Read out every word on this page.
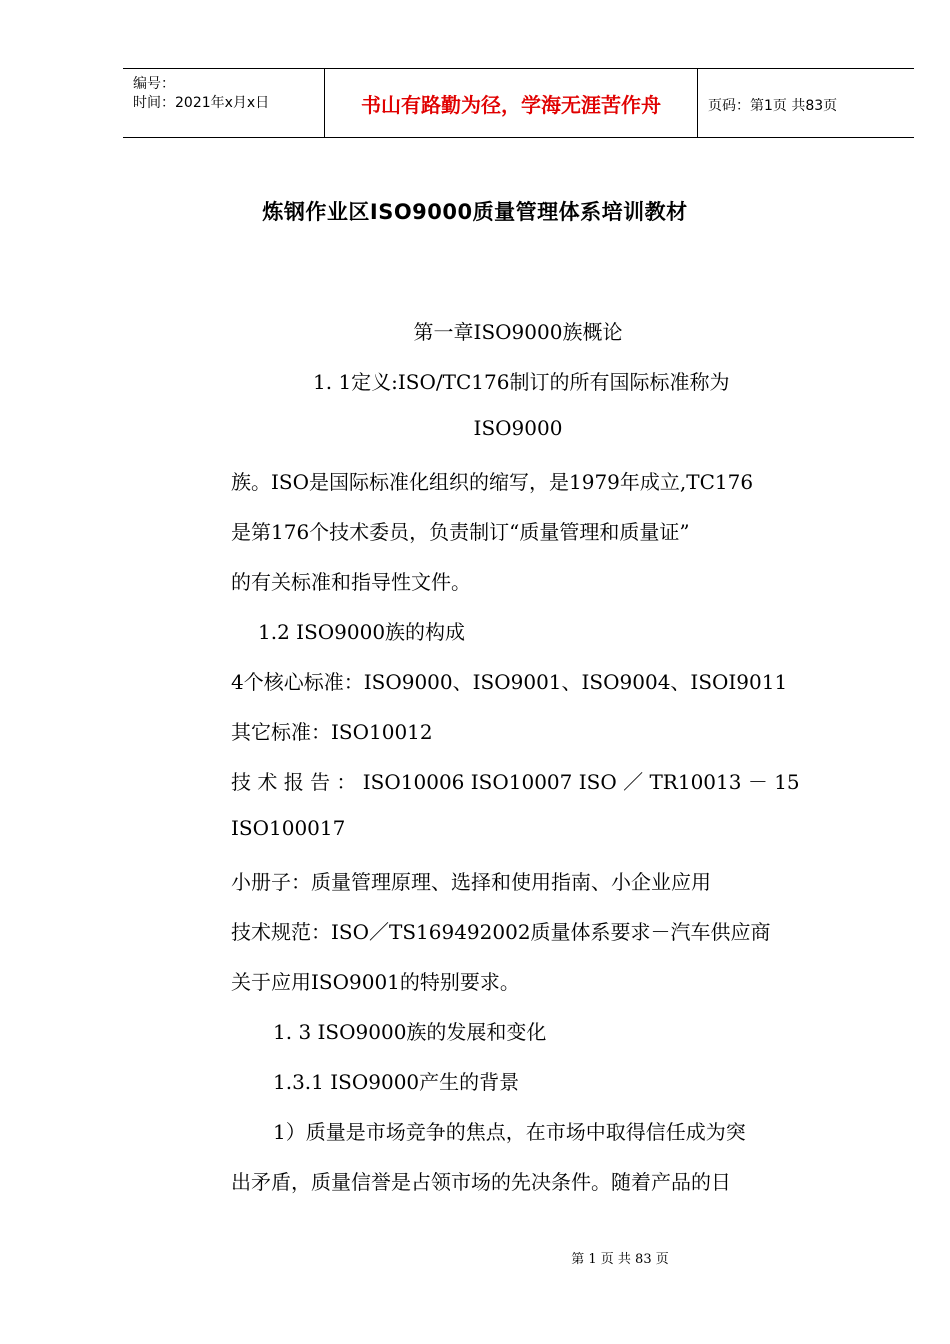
编号：
时间：2021年x月x日	书山有路勤为径，学海无涯苦作舟	页码：第1页 共83页
炼钢作业区ISO9000质量管理体系培训教材
第一章ISO9000族概论
1. 1定义:ISO/TC176制订的所有国际标准称为
ISO9000
族。ISO是国际标准化组织的缩写，是1979年成立,TC176
是第176个技术委员，负责制订“质量管理和质量证”
的有关标准和指导性文件。
1.2 ISO9000族的构成
4个核心标准：ISO9000、ISO9001、ISO9004、ISOI9011
其它标准：ISO10012
技 术 报 告 ： ISO10006 ISO10007 ISO ／ TR10013 － 15
ISO100017
小册子：质量管理原理、选择和使用指南、小企业应用
技术规范：ISO／TS169492002质量体系要求－汽车供应商
关于应用ISO9001的特别要求。
1. 3 ISO9000族的发展和变化
1.3.1 ISO9000产生的背景
1）质量是市场竞争的焦点，在市场中取得信任成为突
出矛盾，质量信誉是占领市场的先决条件。随着产品的日
第 1 页 共 83 页
